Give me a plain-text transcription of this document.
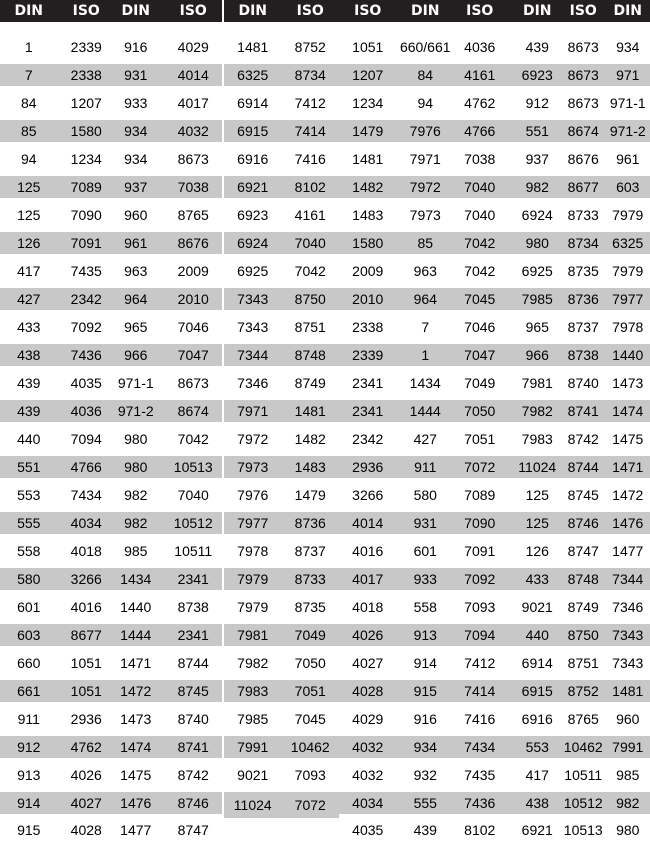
DIN	ISO
1	2339
7	2338
84	1207
85	1580
94	1234
125	7089
125	7090
126	7091
417	7435
427	2342
433	7092
438	7436
439	4035
439	4036
440	7094
551	4766
553	7434
555	4034
558	4018
580	3266
601	4016
603	8677
660	1051
661	1051
911	2936
912	4762
913	4026
914	4027
915	4028
DIN	ISO
916	4029
931	4014
933	4017
934	4032
934	8673
937	7038
960	8765
961	8676
963	2009
964	2010
965	7046
966	7047
971-1	8673
971-2	8674
980	7042
980	10513
982	7040
982	10512
985	10511
1434	2341
1440	8738
1444	2341
1471	8744
1472	8745
1473	8740
1474	8741
1475	8742
1476	8746
1477	8747
DIN	ISO
1481	8752
6325	8734
6914	7412
6915	7414
6916	7416
6921	8102
6923	4161
6924	7040
6925	7042
7343	8750
7343	8751
7344	8748
7346	8749
7971	1481
7972	1482
7973	1483
7976	1479
7977	8736
7978	8737
7979	8733
7979	8735
7981	7049
7982	7050
7983	7051
7985	7045
7991	10462
9021	7093
11024	7072
ISO	DIN
1051	660/661
1207	84
1234	94
1479	7976
1481	7971
1482	7972
1483	7973
1580	85
2009	963
2010	964
2338	7
2339	1
2341	1434
2341	1444
2342	427
2936	911
3266	580
4014	931
4016	601
4017	933
4018	558
4026	913
4027	914
4028	915
4029	916
4032	934
4032	932
4034	555
4035	439
ISO	DIN
4036	439
4161	6923
4762	912
4766	551
7038	937
7040	982
7040	6924
7042	980
7042	6925
7045	7985
7046	965
7047	966
7049	7981
7050	7982
7051	7983
7072	11024
7089	125
7090	125
7091	126
7092	433
7093	9021
7094	440
7412	6914
7414	6915
7416	6916
7434	553
7435	417
7436	438
8102	6921
ISO	DIN
8673	934
8673	971
8673 971-1
8674 971-2
8676	961
8677	603
8733 7979
8734 6325
8735 7979
8736 7977
8737 7978
8738 1440
8740 1473
8741 1474
8742 1475
8744 1471
8745 1472
8746 1476
8747 1477
8748 7344
8749 7346
8750 7343
8751 7343
8752 1481
8765	960
10462 7991
10511 985
10512 982
10513 980
